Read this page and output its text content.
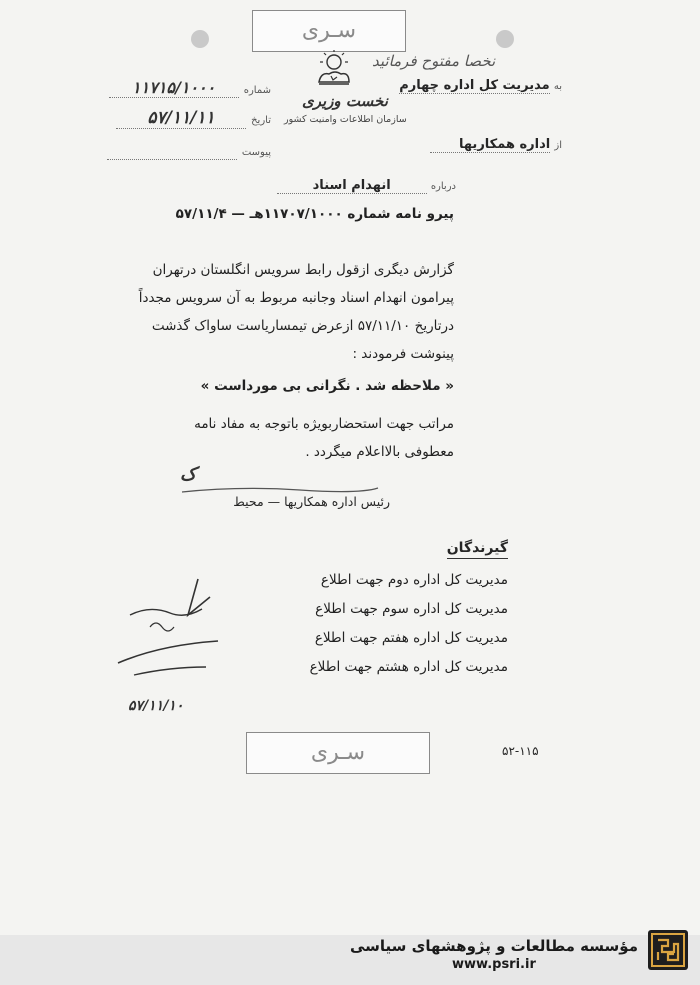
سـری
نخصا مفتوح فرمائید
نخست وزیری
سازمان اطلاعات وامنیت کشور
به مدیریت کل اداره چهارم
شماره ۱۱۷۱۵/۱۰۰۰
تاریخ ۵۷/۱۱/۱۱
پیوست
از اداره همکاریها
درباره انهدام اسناد
پیرو نامه شماره ۱۱۷۰۷/۱۰۰۰هـ — ۵۷/۱۱/۴
گزارش دیگری ازقول رابط سرویس انگلستان درتهران
پیرامون انهدام اسناد وجانبه مربوط به آن سرویس مجدداً
درتاریخ ۵۷/۱۱/۱۰ ازعرض تیمساریاست ساواک گذشت
پینوشت فرمودند :
« ملاحظه شد . نگرانی بی مورداست »
مراتب جهت استحضاربویژه باتوجه به مفاد نامه
معطوفی بالااعلام میگردد .
ک
رئیس اداره همکاریها — محیط
گیرندگان
مدیریت کل اداره دوم جهت اطلاع
مدیریت کل اداره سوم جهت اطلاع
مدیریت کل اداره هفتم جهت اطلاع
مدیریت کل اداره هشتم جهت اطلاع
۵۷/۱۱/۱۰
سـری	۵۲-۱۱۵
مؤسسه مطالعات و پژوهشهای سیاسی
www.psri.ir
